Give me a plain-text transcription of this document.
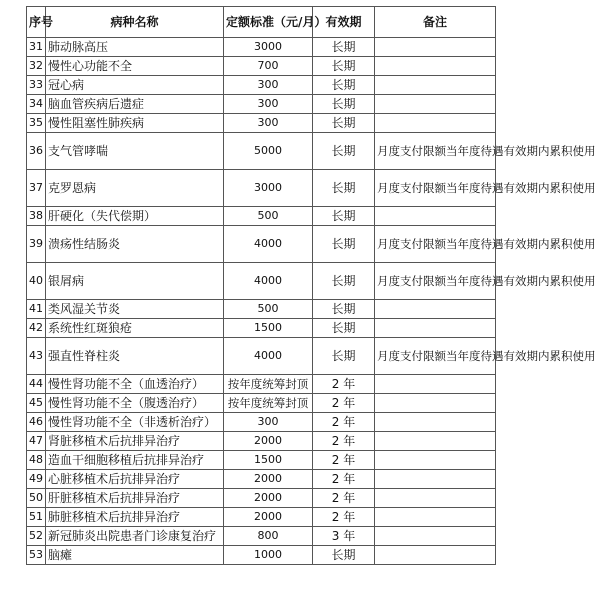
序号	病种名称	定额标准（元/月）	有效期	备注
31	肺动脉高压	3000	长期	
32	慢性心功能不全	700	长期	
33	冠心病	300	长期	
34	脑血管疾病后遗症	300	长期	
35	慢性阻塞性肺疾病	300	长期	
36	支气管哮喘	5000	长期	月度支付限额当年度待遇有效期内累积使用
37	克罗恩病	3000	长期	月度支付限额当年度待遇有效期内累积使用
38	肝硬化（失代偿期）	500	长期	
39	溃疡性结肠炎	4000	长期	月度支付限额当年度待遇有效期内累积使用
40	银屑病	4000	长期	月度支付限额当年度待遇有效期内累积使用
41	类风湿关节炎	500	长期	
42	系统性红斑狼疮	1500	长期	
43	强直性脊柱炎	4000	长期	月度支付限额当年度待遇有效期内累积使用
44	慢性肾功能不全（血透治疗）	按年度统筹封顶	2 年	
45	慢性肾功能不全（腹透治疗）	按年度统筹封顶	2 年	
46	慢性肾功能不全（非透析治疗）	300	2 年	
47	肾脏移植术后抗排异治疗	2000	2 年	
48	造血干细胞移植后抗排异治疗	1500	2 年	
49	心脏移植术后抗排异治疗	2000	2 年	
50	肝脏移植术后抗排异治疗	2000	2 年	
51	肺脏移植术后抗排异治疗	2000	2 年	
52	新冠肺炎出院患者门诊康复治疗	800	3 年	
53	脑瘫	1000	长期	
